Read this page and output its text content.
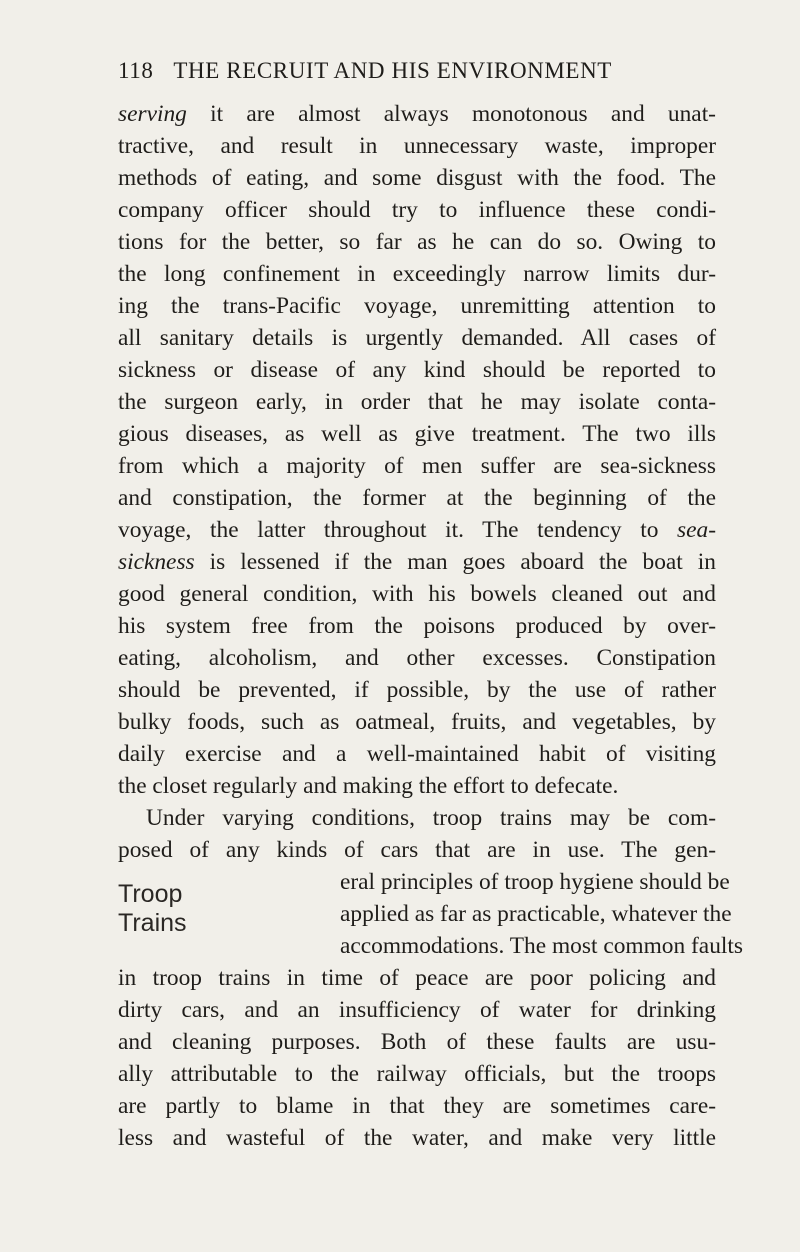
118 THE RECRUIT AND HIS ENVIRONMENT
serving it are almost always monotonous and unat-
tractive, and result in unnecessary waste, improper
methods of eating, and some disgust with the food. The
company officer should try to influence these condi-
tions for the better, so far as he can do so. Owing to
the long confinement in exceedingly narrow limits dur-
ing the trans-Pacific voyage, unremitting attention to
all sanitary details is urgently demanded. All cases of
sickness or disease of any kind should be reported to
the surgeon early, in order that he may isolate conta-
gious diseases, as well as give treatment. The two ills
from which a majority of men suffer are sea-sickness
and constipation, the former at the beginning of the
voyage, the latter throughout it. The tendency to sea-
sickness is lessened if the man goes aboard the boat in
good general condition, with his bowels cleaned out and
his system free from the poisons produced by over-
eating, alcoholism, and other excesses. Constipation
should be prevented, if possible, by the use of rather
bulky foods, such as oatmeal, fruits, and vegetables, by
daily exercise and a well-maintained habit of visiting
the closet regularly and making the effort to defecate.
Under varying conditions, troop trains may be com-
posed of any kinds of cars that are in use. The gen-
Troop
Trains
eral principles of troop hygiene should be
applied as far as practicable, whatever the
accommodations. The most common faults
in troop trains in time of peace are poor policing and
dirty cars, and an insufficiency of water for drinking
and cleaning purposes. Both of these faults are usu-
ally attributable to the railway officials, but the troops
are partly to blame in that they are sometimes care-
less and wasteful of the water, and make very little
